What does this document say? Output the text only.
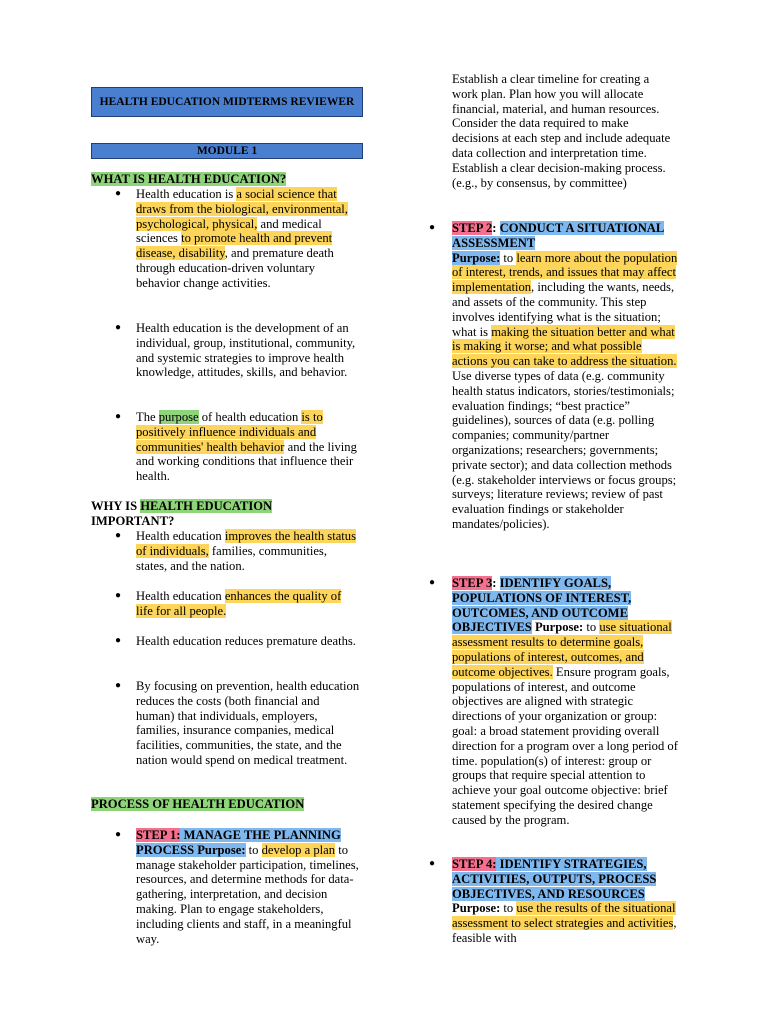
HEALTH EDUCATION MIDTERMS REVIEWER
MODULE 1
WHAT IS HEALTH EDUCATION?
● Health education is a social science that draws from the biological, environmental, psychological, physical, and medical sciences to promote health and prevent disease, disability, and premature death through education-driven voluntary behavior change activities.
● Health education is the development of an individual, group, institutional, community, and systemic strategies to improve health knowledge, attitudes, skills, and behavior.
● The purpose of health education is to positively influence individuals and communities' health behavior and the living and working conditions that influence their health.
WHY IS HEALTH EDUCATION IMPORTANT?
● Health education improves the health status of individuals, families, communities, states, and the nation.
● Health education enhances the quality of life for all people.
● Health education reduces premature deaths.
● By focusing on prevention, health education reduces the costs (both financial and human) that individuals, employers, families, insurance companies, medical facilities, communities, the state, and the nation would spend on medical treatment.
PROCESS OF HEALTH EDUCATION
● STEP 1: MANAGE THE PLANNING PROCESS Purpose: to develop a plan to manage stakeholder participation, timelines, resources, and determine methods for data-gathering, interpretation, and decision making. Plan to engage stakeholders, including clients and staff, in a meaningful way.
Establish a clear timeline for creating a work plan. Plan how you will allocate financial, material, and human resources. Consider the data required to make decisions at each step and include adequate data collection and interpretation time. Establish a clear decision-making process. (e.g., by consensus, by committee)
● STEP 2: CONDUCT A SITUATIONAL ASSESSMENT
Purpose: to learn more about the population of interest, trends, and issues that may affect implementation, including the wants, needs, and assets of the community. This step involves identifying what is the situation; what is making the situation better and what is making it worse; and what possible actions you can take to address the situation. Use diverse types of data (e.g. community health status indicators, stories/testimonials; evaluation findings; “best practice” guidelines), sources of data (e.g. polling companies; community/partner organizations; researchers; governments; private sector); and data collection methods (e.g. stakeholder interviews or focus groups; surveys; literature reviews; review of past evaluation findings or stakeholder mandates/policies).
● STEP 3: IDENTIFY GOALS, POPULATIONS OF INTEREST, OUTCOMES, AND OUTCOME OBJECTIVES Purpose: to use situational assessment results to determine goals, populations of interest, outcomes, and outcome objectives. Ensure program goals, populations of interest, and outcome objectives are aligned with strategic directions of your organization or group: goal: a broad statement providing overall direction for a program over a long period of time. population(s) of interest: group or groups that require special attention to achieve your goal outcome objective: brief statement specifying the desired change caused by the program.
● STEP 4: IDENTIFY STRATEGIES, ACTIVITIES, OUTPUTS, PROCESS OBJECTIVES, AND RESOURCES
Purpose: to use the results of the situational assessment to select strategies and activities, feasible with
